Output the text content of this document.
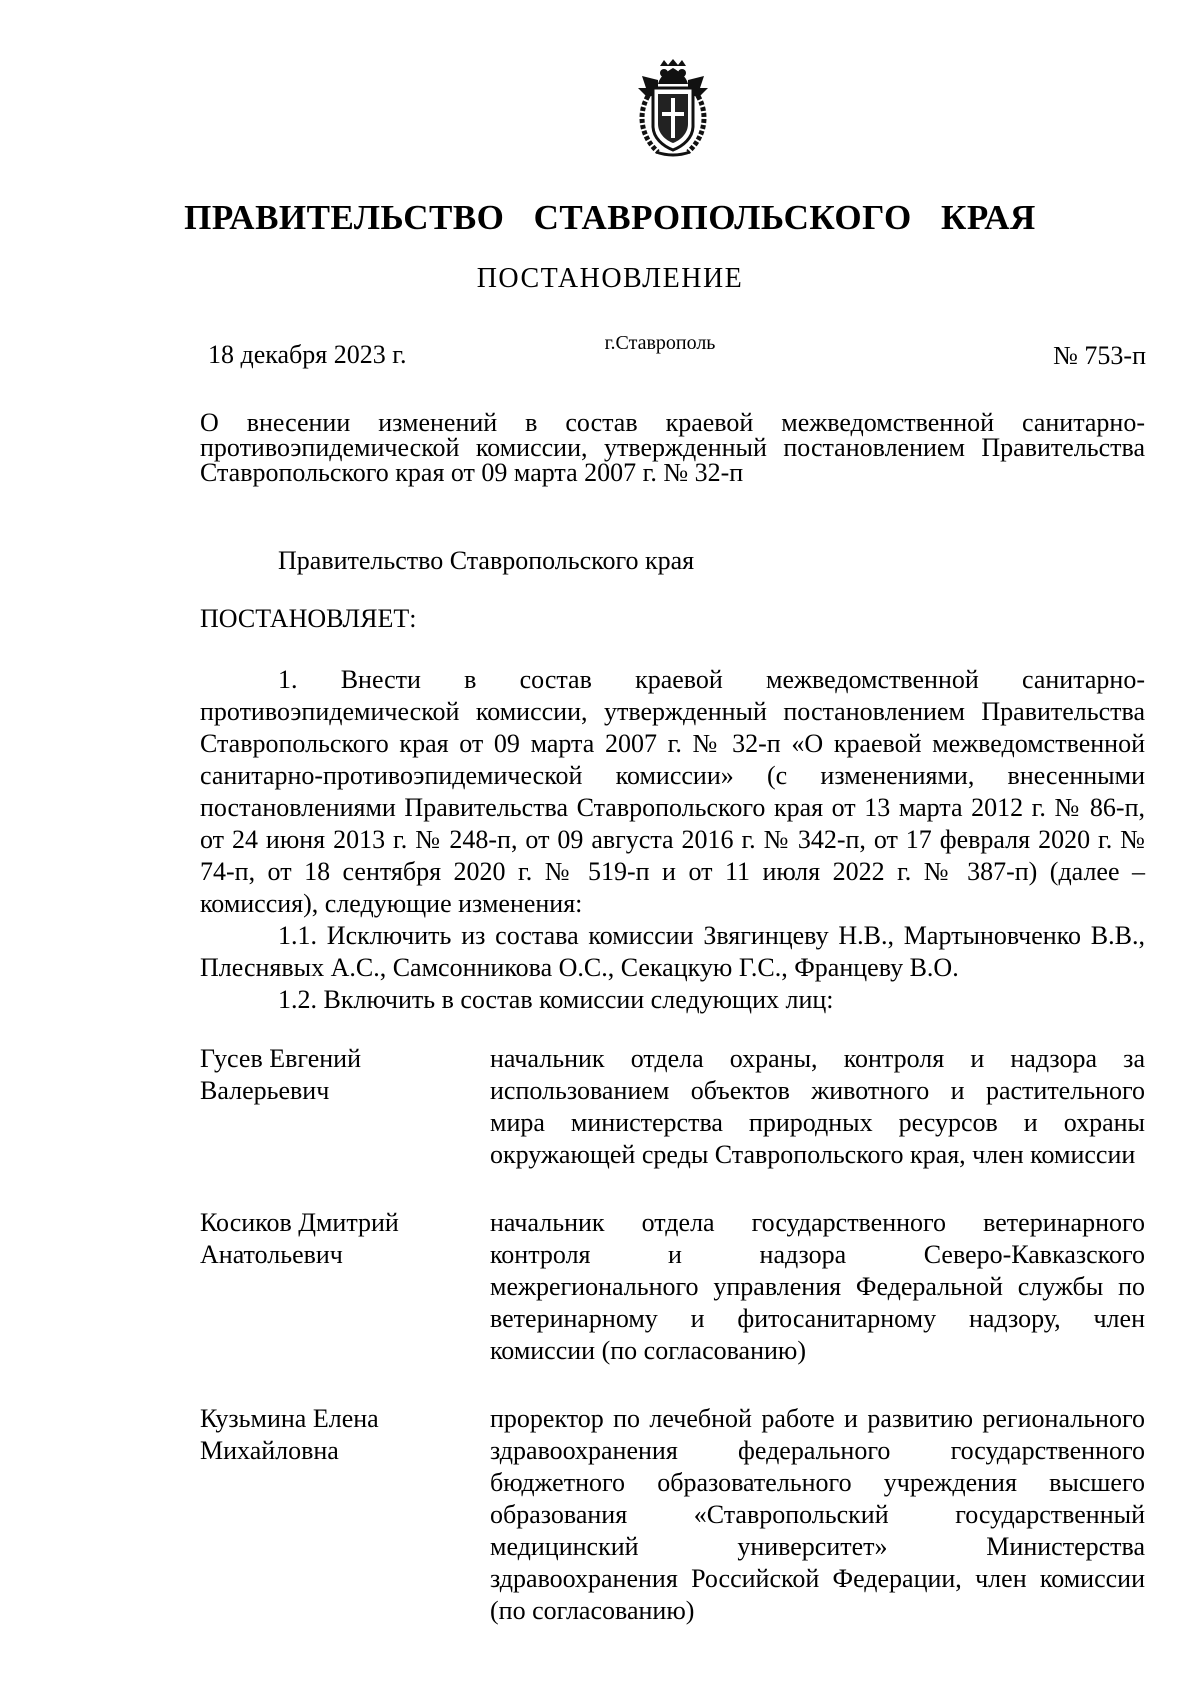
ПРАВИТЕЛЬСТВО СТАВРОПОЛЬСКОГО КРАЯ
ПОСТАНОВЛЕНИЕ
18 декабря 2023 г.	г.Ставрополь	№ 753-п
О внесении изменений в состав краевой межведомственной санитарно-противоэпидемической комиссии, утвержденный постановлением Правительства Ставропольского края от 09 марта 2007 г. № 32-п
Правительство Ставропольского края
ПОСТАНОВЛЯЕТ:

1. Внести в состав краевой межведомственной санитарно-противоэпидемической комиссии, утвержденный постановлением Правительства Ставропольского края от 09 марта 2007 г. № 32-п «О краевой межведомственной санитарно-противоэпидемической комиссии» (с изменениями, внесенными постановлениями Правительства Ставропольского края от 13 марта 2012 г. № 86-п, от 24 июня 2013 г. № 248-п, от 09 августа 2016 г. № 342-п, от 17 февраля 2020 г. № 74-п, от 18 сентября 2020 г. № 519-п и от 11 июля 2022 г. № 387-п) (далее – комиссия), следующие изменения:

1.1. Исключить из состава комиссии Звягинцеву Н.В., Мартыновченко В.В., Плеснявых А.С., Самсонникова О.С., Секацкую Г.С., Францеву В.О.

1.2. Включить в состав комиссии следующих лиц:

Гусев Евгений
Валерьевич
начальник отдела охраны, контроля и надзора за использованием объектов животного и растительного мира министерства природных ресурсов и охраны окружающей среды Ставропольского края, член комиссии
Косиков Дмитрий
Анатольевич
начальник отдела государственного ветеринарного контроля и надзора Северо-Кавказского межрегионального управления Федеральной службы по ветеринарному и фитосанитарному надзору, член комиссии (по согласованию)
Кузьмина Елена
Михайловна
проректор по лечебной работе и развитию регионального здравоохранения федерального государственного бюджетного образовательного учреждения высшего образования «Ставропольский государственный медицинский университет» Министерства здравоохранения Российской Федерации, член комиссии (по согласованию)
